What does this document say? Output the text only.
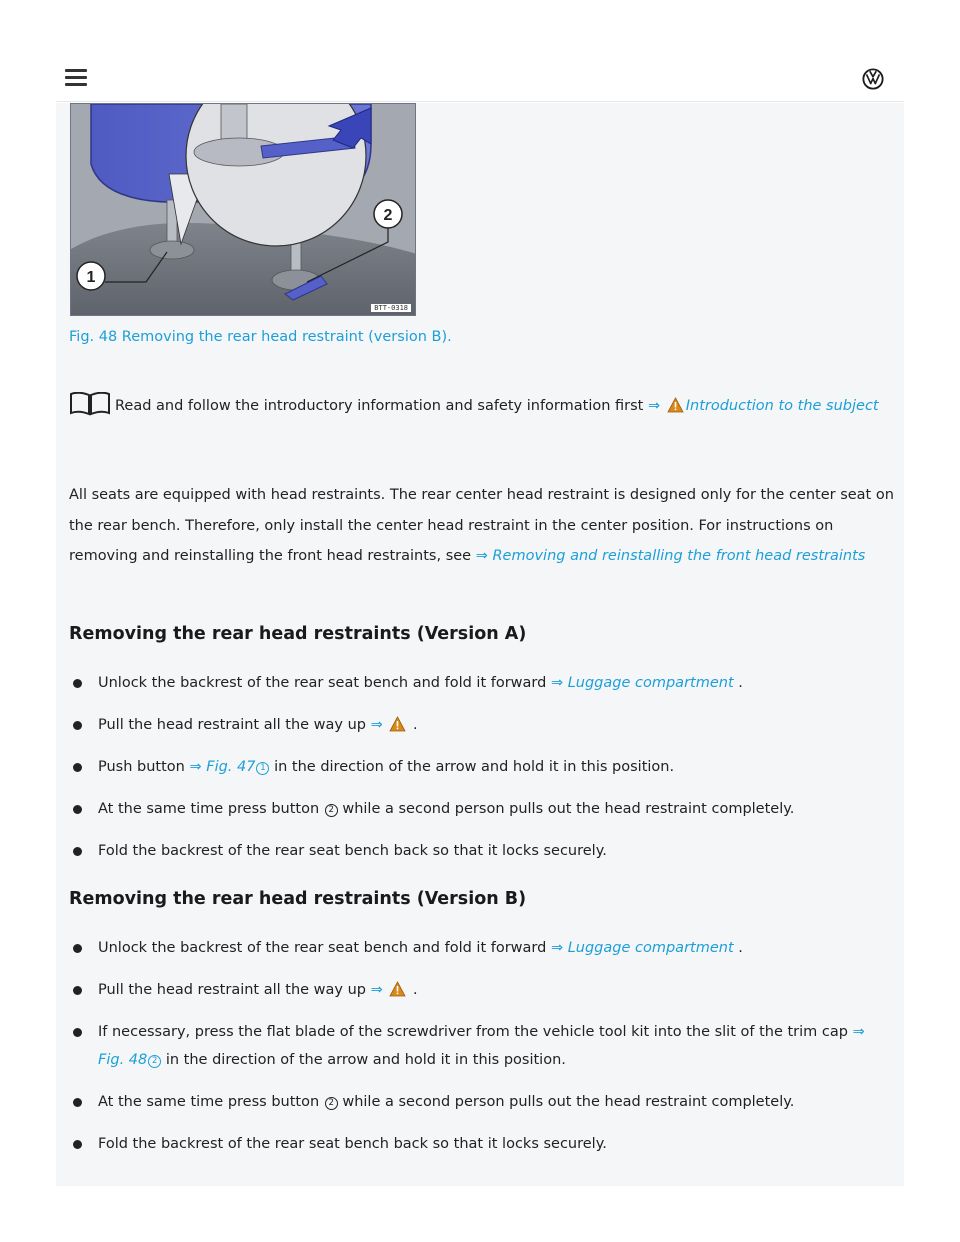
1
2
BTT-0318
Fig. 48 Removing the rear head restraint (version B).
Read and follow the introductory information and safety information first ⇒ Introduction to the subject
All seats are equipped with head restraints. The rear center head restraint is designed only for the center seat on the rear bench. Therefore, only install the center head restraint in the center position. For instructions on removing and reinstalling the front head restraints, see ⇒ Removing and reinstalling the front head restraints
Removing the rear head restraints (Version A)
Unlock the backrest of the rear seat bench and fold it forward ⇒ Luggage compartment .
Pull the head restraint all the way up ⇒  .
Push button ⇒ Fig. 47 1 in the direction of the arrow and hold it in this position.
At the same time press button 2 while a second person pulls out the head restraint completely.
Fold the backrest of the rear seat bench back so that it locks securely.
Removing the rear head restraints (Version B)
Unlock the backrest of the rear seat bench and fold it forward ⇒ Luggage compartment .
Pull the head restraint all the way up ⇒  .
If necessary, press the flat blade of the screwdriver from the vehicle tool kit into the slit of the trim cap ⇒ Fig. 48 2 in the direction of the arrow and hold it in this position.
At the same time press button 2 while a second person pulls out the head restraint completely.
Fold the backrest of the rear seat bench back so that it locks securely.
